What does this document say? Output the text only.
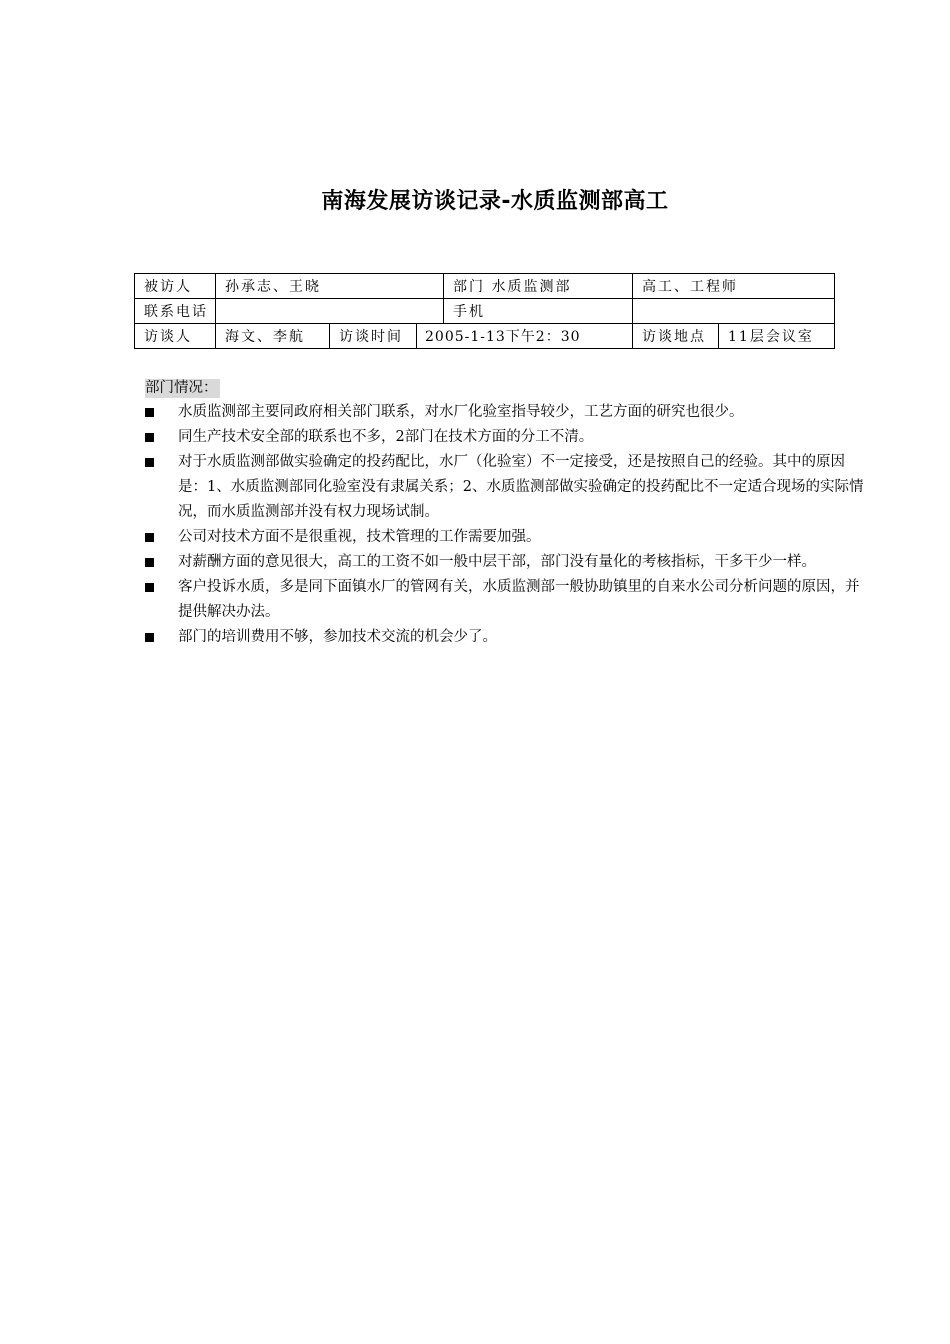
南海发展访谈记录-水质监测部高工
被访人	孙承志、王晓			部门 水质监测部	高工、工程师	
联系电话				手机		
访谈人	海文、李航	访谈时间	2005-1-13下午2：30		访谈地点	11层会议室
部门情况：
水质监测部主要同政府相关部门联系，对水厂化验室指导较少，工艺方面的研究也很少。
同生产技术安全部的联系也不多，2部门在技术方面的分工不清。
对于水质监测部做实验确定的投药配比，水厂（化验室）不一定接受，还是按照自己的经验。其中的原因是：1、水质监测部同化验室没有隶属关系；2、水质监测部做实验确定的投药配比不一定适合现场的实际情况，而水质监测部并没有权力现场试制。
公司对技术方面不是很重视，技术管理的工作需要加强。
对薪酬方面的意见很大，高工的工资不如一般中层干部，部门没有量化的考核指标，干多干少一样。
客户投诉水质，多是同下面镇水厂的管网有关，水质监测部一般协助镇里的自来水公司分析问题的原因，并提供解决办法。
部门的培训费用不够，参加技术交流的机会少了。
